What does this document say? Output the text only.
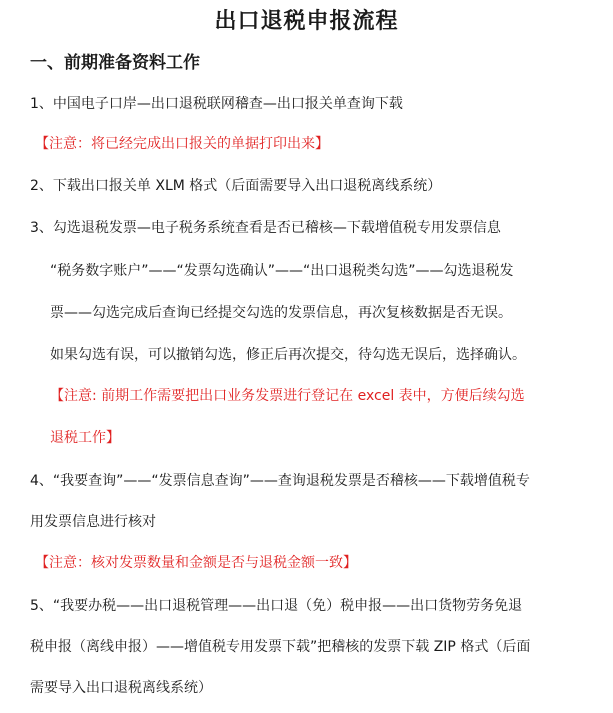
出口退税申报流程
一、前期准备资料工作
1、中国电子口岸—出口退税联网稽查—出口报关单查询下载
【注意：将已经完成出口报关的单据打印出来】
2、下载出口报关单 XLM 格式（后面需要导入出口退税离线系统）
3、勾选退税发票—电子税务系统查看是否已稽核—下载增值税专用发票信息
“税务数字账户”——“发票勾选确认”——“出口退税类勾选”——勾选退税发
票——勾选完成后查询已经提交勾选的发票信息，再次复核数据是否无误。
如果勾选有误，可以撤销勾选，修正后再次提交，待勾选无误后，选择确认。
【注意: 前期工作需要把出口业务发票进行登记在 excel 表中，方便后续勾选
退税工作】
4、“我要查询”——“发票信息查询”——查询退税发票是否稽核——下载增值税专
用发票信息进行核对
【注意：核对发票数量和金额是否与退税金额一致】
5、“我要办税——出口退税管理——出口退（免）税申报——出口货物劳务免退
税申报（离线申报）——增值税专用发票下载”把稽核的发票下载 ZIP 格式（后面
需要导入出口退税离线系统）
